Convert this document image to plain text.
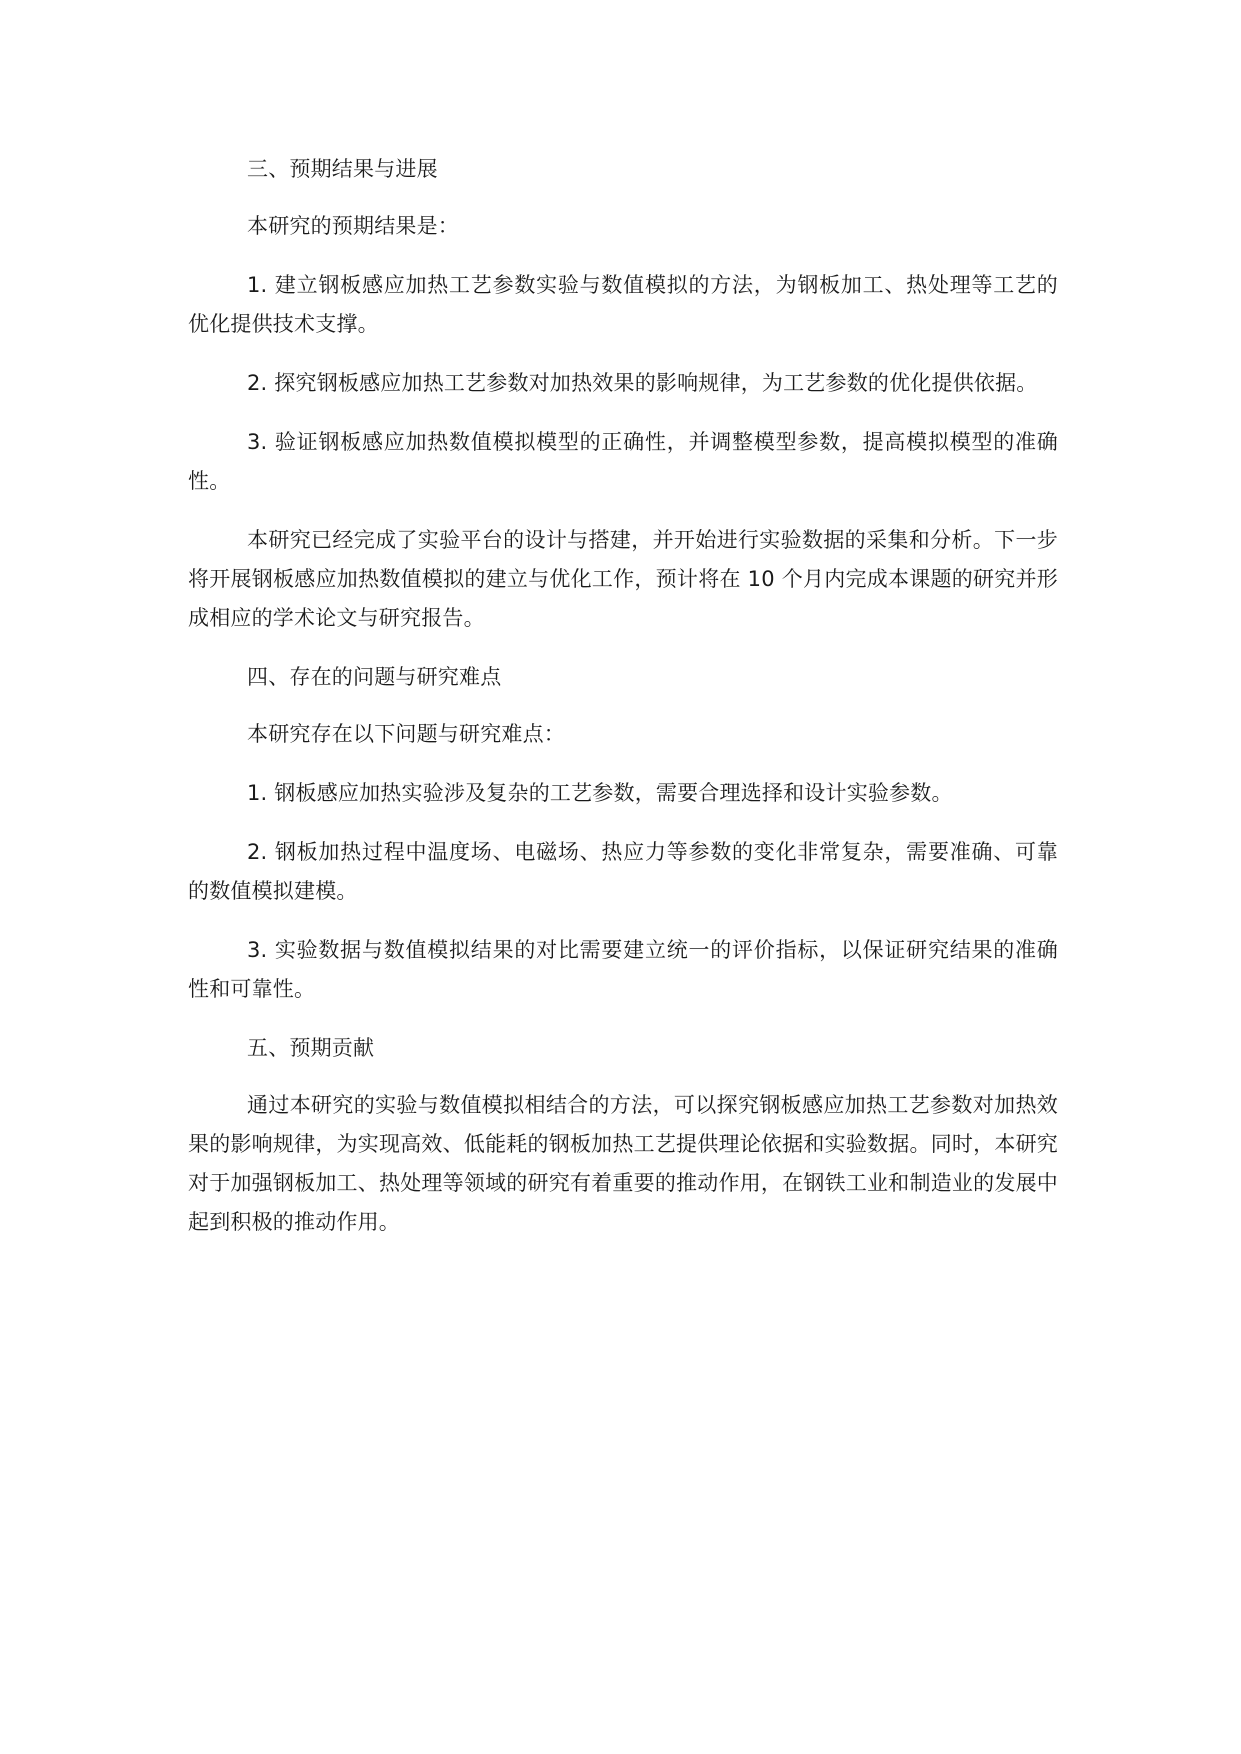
三、预期结果与进展

本研究的预期结果是：

1. 建立钢板感应加热工艺参数实验与数值模拟的方法，为钢板加工、热处理等工艺的优化提供技术支撑。

2. 探究钢板感应加热工艺参数对加热效果的影响规律，为工艺参数的优化提供依据。

3. 验证钢板感应加热数值模拟模型的正确性，并调整模型参数，提高模拟模型的准确性。

本研究已经完成了实验平台的设计与搭建，并开始进行实验数据的采集和分析。下一步将开展钢板感应加热数值模拟的建立与优化工作，预计将在 10 个月内完成本课题的研究并形成相应的学术论文与研究报告。

四、存在的问题与研究难点

本研究存在以下问题与研究难点：

1. 钢板感应加热实验涉及复杂的工艺参数，需要合理选择和设计实验参数。

2. 钢板加热过程中温度场、电磁场、热应力等参数的变化非常复杂，需要准确、可靠的数值模拟建模。

3. 实验数据与数值模拟结果的对比需要建立统一的评价指标，以保证研究结果的准确性和可靠性。

五、预期贡献

通过本研究的实验与数值模拟相结合的方法，可以探究钢板感应加热工艺参数对加热效果的影响规律，为实现高效、低能耗的钢板加热工艺提供理论依据和实验数据。同时，本研究对于加强钢板加工、热处理等领域的研究有着重要的推动作用，在钢铁工业和制造业的发展中起到积极的推动作用。
